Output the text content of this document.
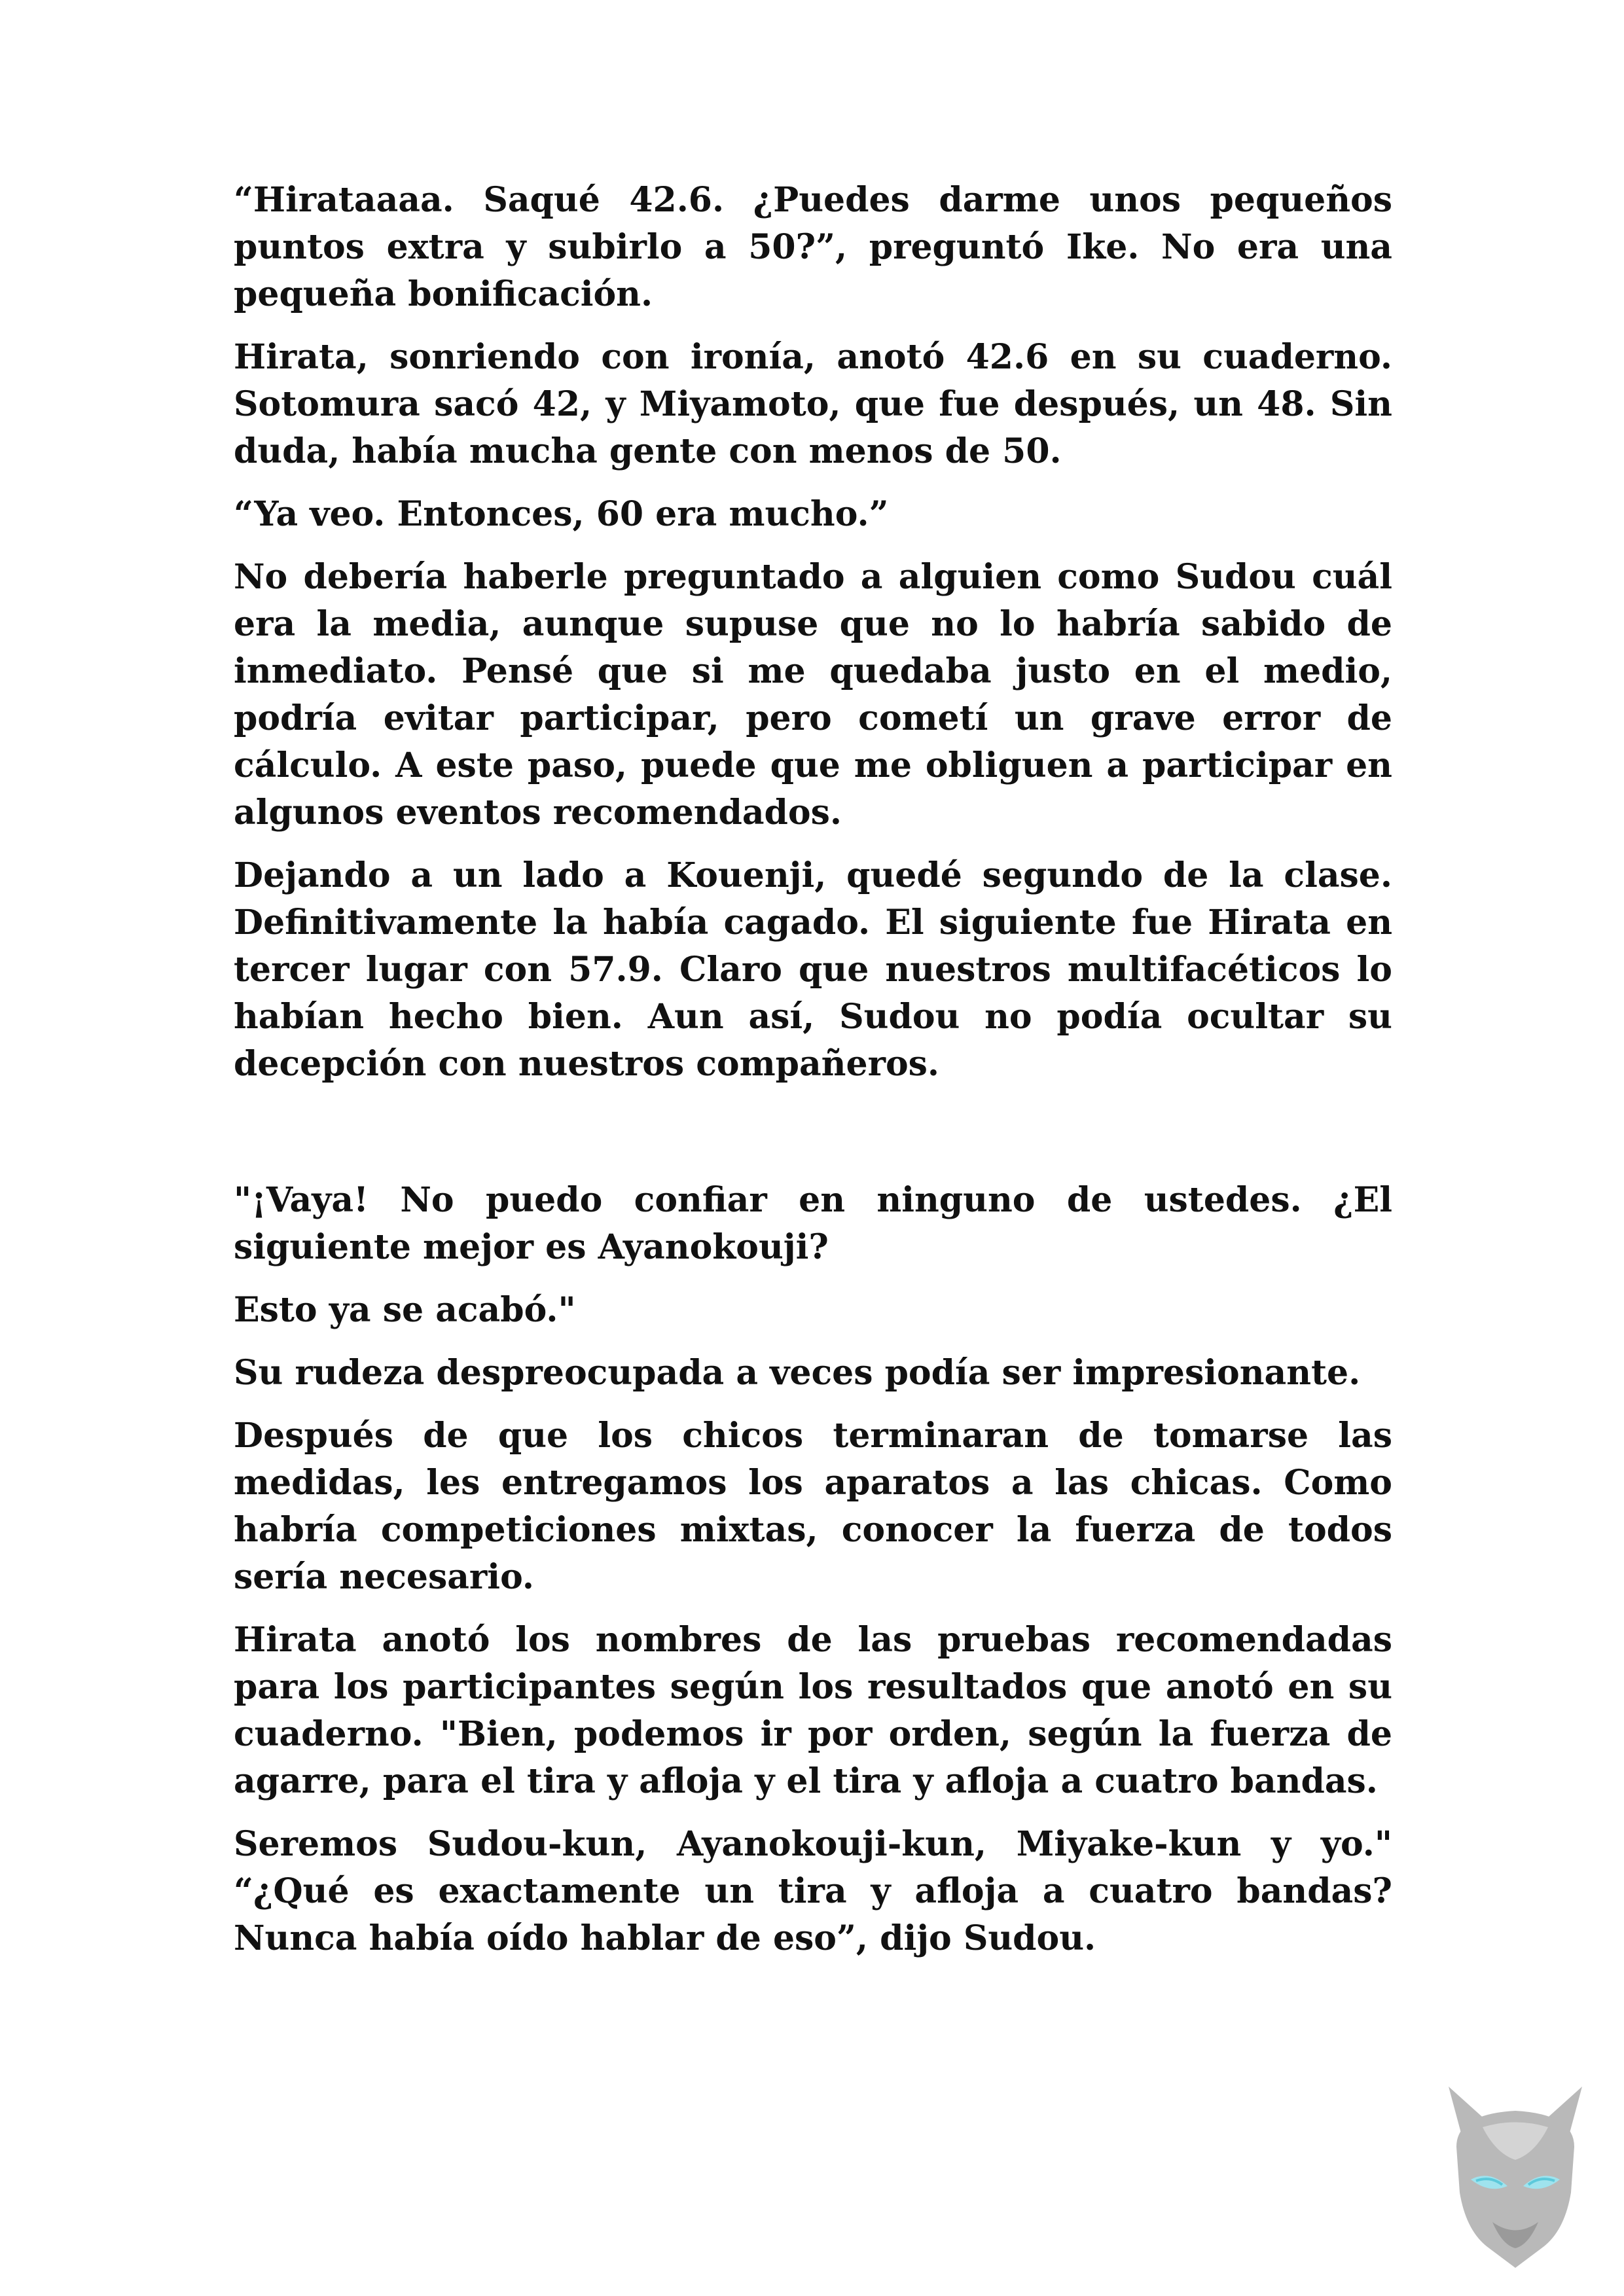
“Hirataaaa. Saqué 42.6. ¿Puedes darme unos pequeños puntos extra y subirlo a 50?”, preguntó Ike. No era una pequeña bonificación.

Hirata, sonriendo con ironía, anotó 42.6 en su cuaderno. Sotomura sacó 42, y Miyamoto, que fue después, un 48. Sin duda, había mucha gente con menos de 50.

“Ya veo. Entonces, 60 era mucho.”

No debería haberle preguntado a alguien como Sudou cuál era la media, aunque supuse que no lo habría sabido de inmediato. Pensé que si me quedaba justo en el medio, podría evitar participar, pero cometí un grave error de cálculo. A este paso, puede que me obliguen a participar en algunos eventos recomendados.

Dejando a un lado a Kouenji, quedé segundo de la clase. Definitivamente la había cagado. El siguiente fue Hirata en tercer lugar con 57.9. Claro que nuestros multifacéticos lo habían hecho bien. Aun así, Sudou no podía ocultar su decepción con nuestros compañeros.

"¡Vaya! No puedo confiar en ninguno de ustedes. ¿El siguiente mejor es Ayanokouji?

Esto ya se acabó."

Su rudeza despreocupada a veces podía ser impresionante.

Después de que los chicos terminaran de tomarse las medidas, les entregamos los aparatos a las chicas. Como habría competiciones mixtas, conocer la fuerza de todos sería necesario.

Hirata anotó los nombres de las pruebas recomendadas para los participantes según los resultados que anotó en su cuaderno. "Bien, podemos ir por orden, según la fuerza de agarre, para el tira y afloja y el tira y afloja a cuatro bandas.

Seremos Sudou-kun, Ayanokouji-kun, Miyake-kun y yo." “¿Qué es exactamente un tira y afloja a cuatro bandas? Nunca había oído hablar de eso”, dijo Sudou.
